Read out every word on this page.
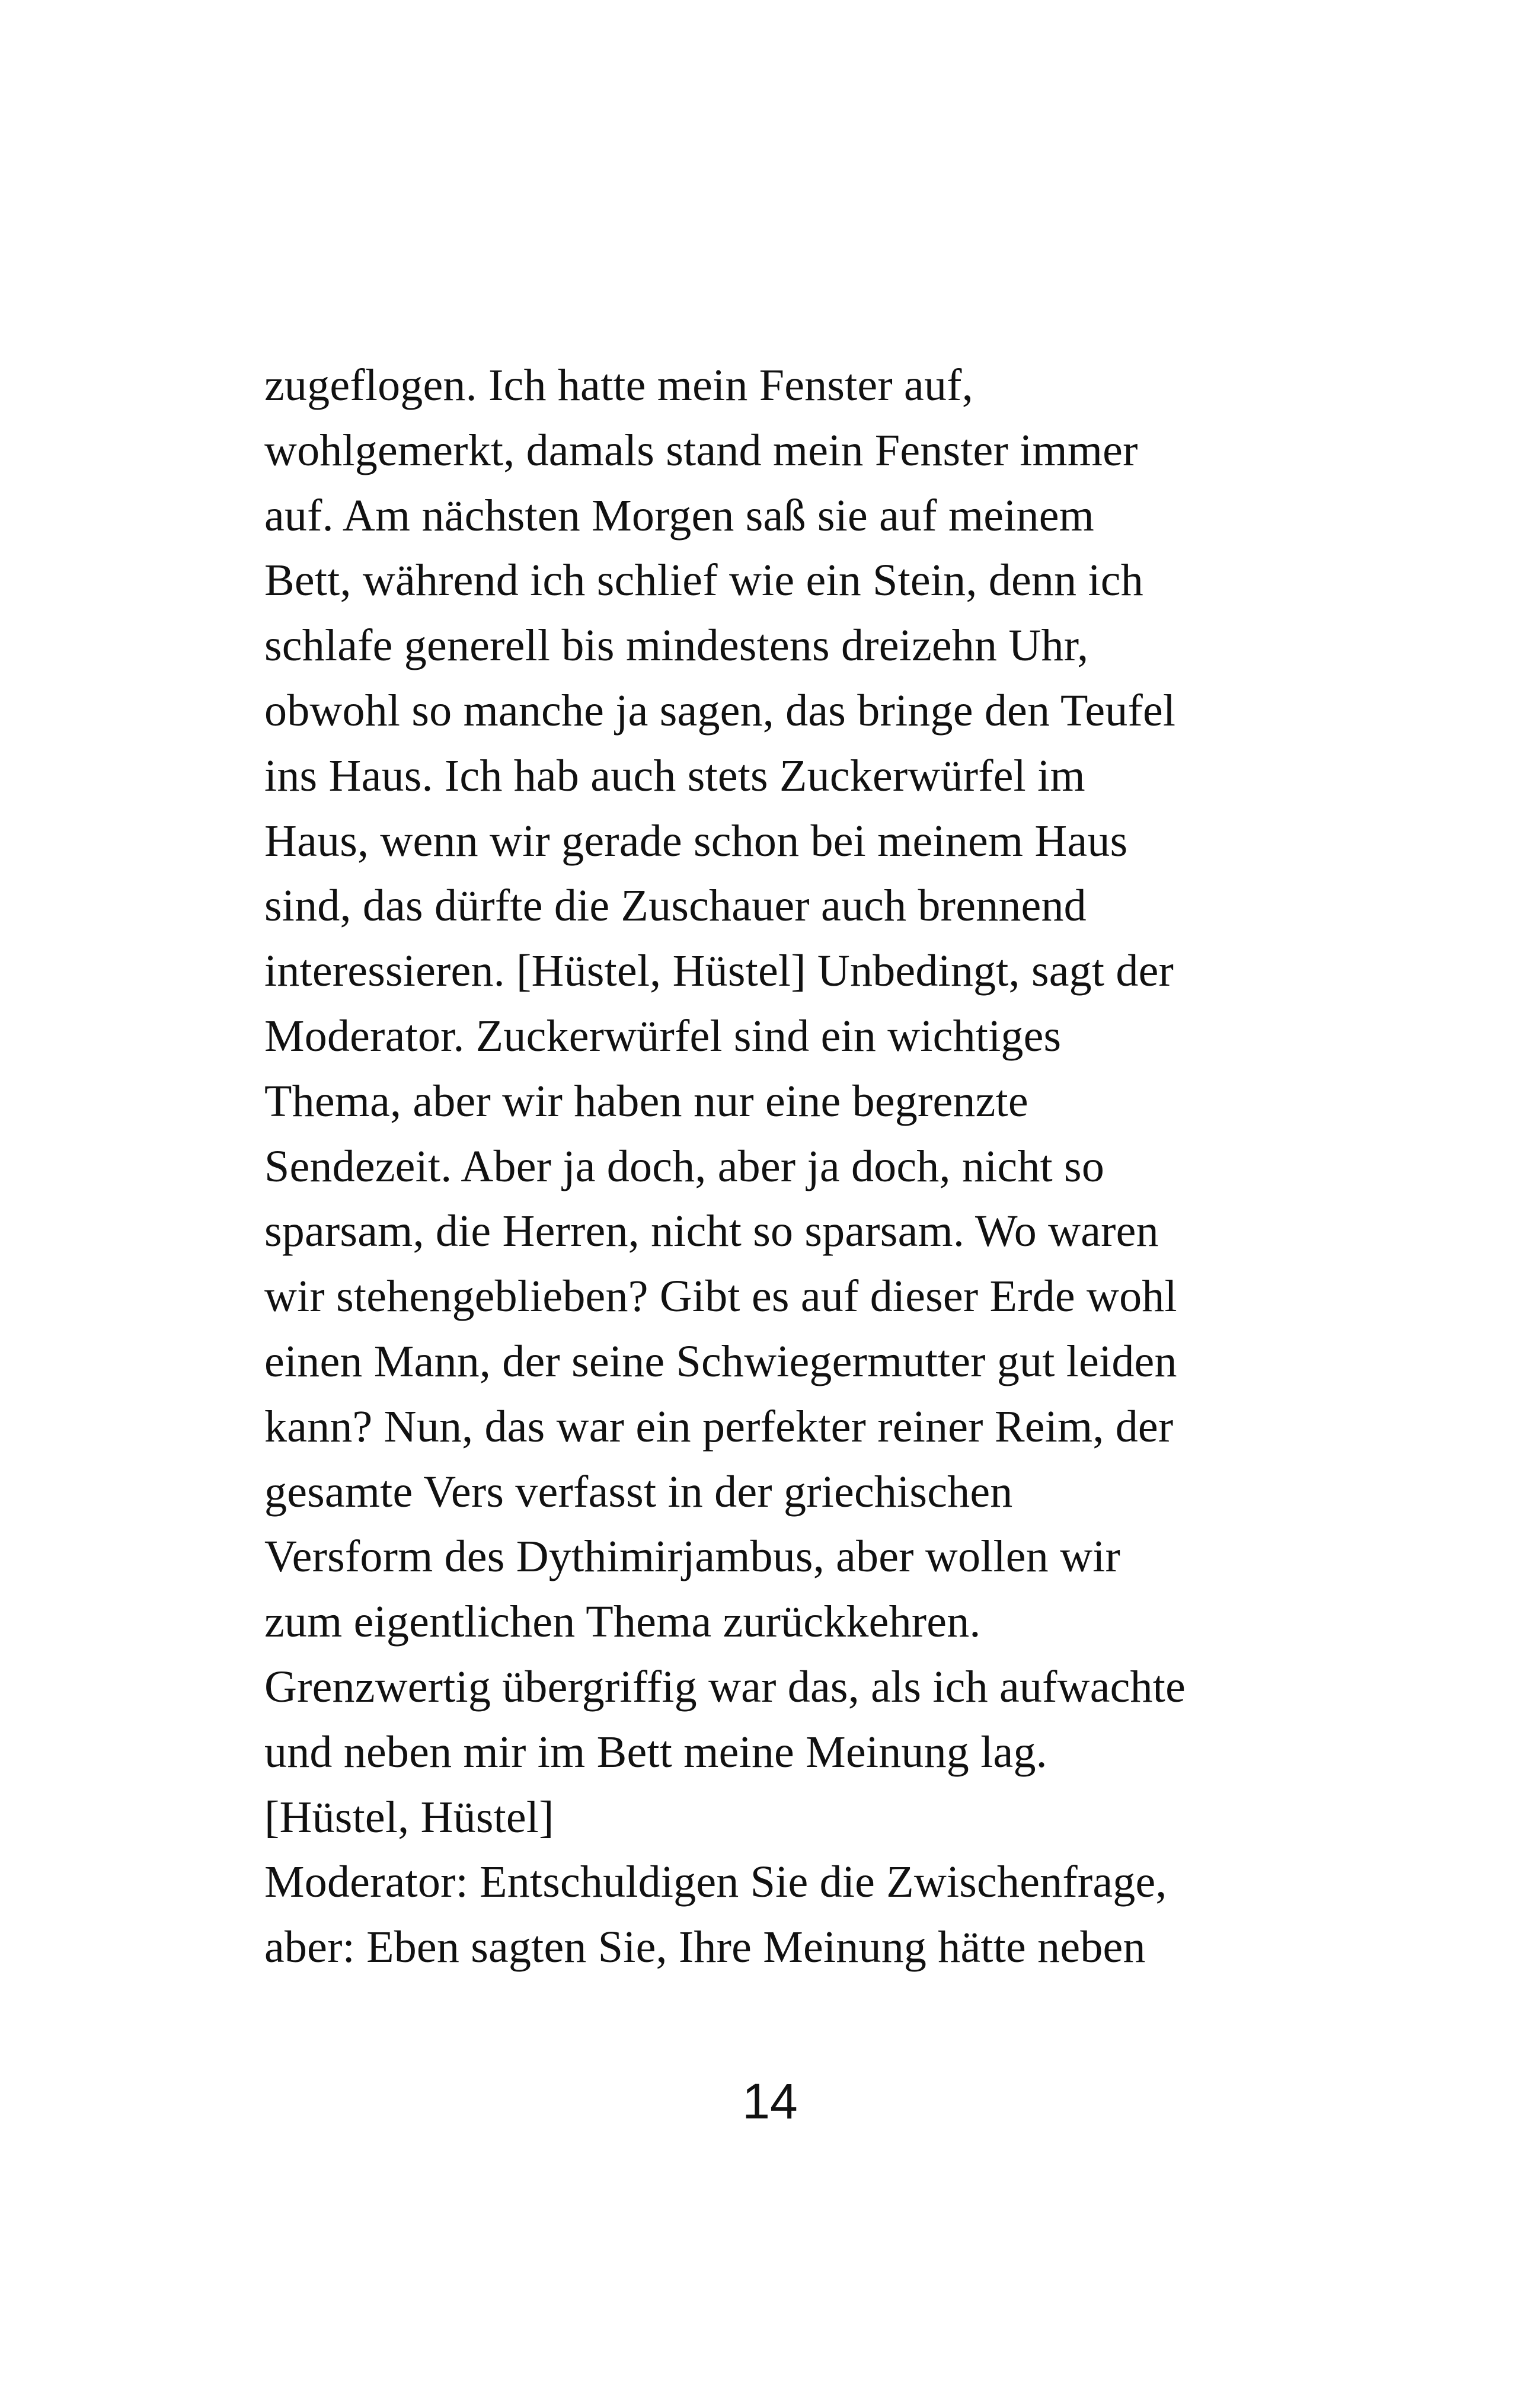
zugeflogen. Ich hatte mein Fenster auf,
wohlgemerkt, damals stand mein Fenster immer
auf. Am nächsten Morgen saß sie auf meinem
Bett, während ich schlief wie ein Stein, denn ich
schlafe generell bis mindestens dreizehn Uhr,
obwohl so manche ja sagen, das bringe den Teufel
ins Haus. Ich hab auch stets Zuckerwürfel im
Haus, wenn wir gerade schon bei meinem Haus
sind, das dürfte die Zuschauer auch brennend
interessieren. [Hüstel, Hüstel] Unbedingt, sagt der
Moderator. Zuckerwürfel sind ein wichtiges
Thema, aber wir haben nur eine begrenzte
Sendezeit. Aber ja doch, aber ja doch, nicht so
sparsam, die Herren, nicht so sparsam. Wo waren
wir stehengeblieben? Gibt es auf dieser Erde wohl
einen Mann, der seine Schwiegermutter gut leiden
kann? Nun, das war ein perfekter reiner Reim, der
gesamte Vers verfasst in der griechischen
Versform des Dythimirjambus, aber wollen wir
zum eigentlichen Thema zurückkehren.
Grenzwertig übergriffig war das, als ich aufwachte
und neben mir im Bett meine Meinung lag.
[Hüstel, Hüstel]
Moderator: Entschuldigen Sie die Zwischenfrage,
aber: Eben sagten Sie, Ihre Meinung hätte neben
14
